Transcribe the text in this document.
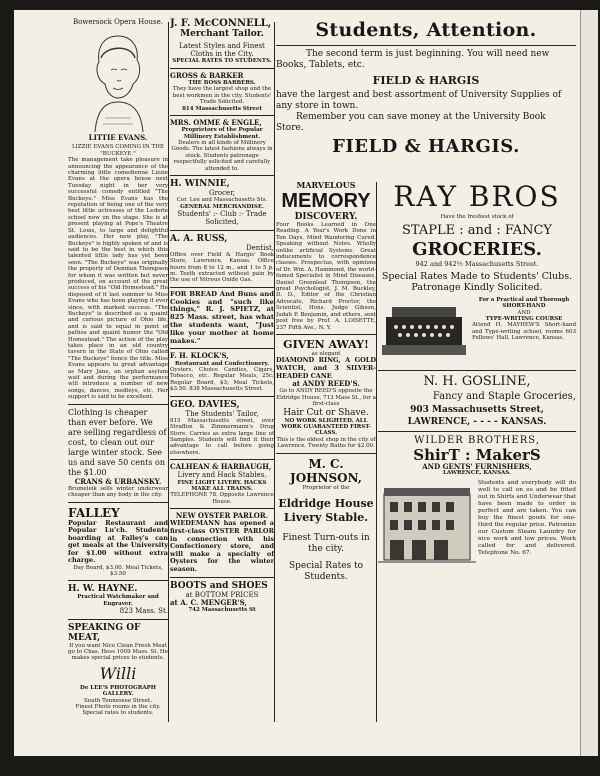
Bowersock Opera House.
LITTIE EVANS.
LIZZIE EVANS COMING IN THE "BUCKEYE."
The management take pleasure in announcing the appearance of the charming little comedienne Lizzie Evans at the opera house next Tuesday night in her very successful comedy entitled "The Buckeye." Miss Evans has the reputation of being one of the very best little actresses of the Lederle school now on the stage. She is at present playing at Pope's Theatre St. Louis, to large and delightful audiences. Her new play, "The Buckeye" is highly spoken of and is said to be the best in which this talented little lady has yet been seen. "The Buckeye" was originally the property of Denman Thompson for whom it was written but never produced, on account of the great success of his "Old Homestead." He disposed of it last summer to Miss Evans who has been playing it ever since, with marked success. "The Buckeye" is described as a quaint and curious picture of Ohio life, and is said to equal in point of pathos and quaint humor the "Old Homestead." The action of the play takes place in an old country tavern in the State of Ohio called "The Buckeye" hence the title. Miss Evans appears to great advantage as Mary Jane, an orphan asylum waif and during the performance will introduce a number of new songs, dances, medleys, etc. Her support is said to be excellent.
Clothing is cheaper than ever before. We are selling regardless of cost, to clean out our large winter stock. See us and save 50 cents on the $1.00
CRANS & URBANSKY.
Brumeleik sells winter underwear cheaper than any body in the city.
FALLEY
Popular Restaurant and Popular Lu'ch. Students boarding at Falley's can get meals at the University for $1.00 without extra charge.
Day Board, $3.00. Meal Tickets, $3.50
H. W. HAYNE.
Practical Watchmaker and Engraver.
823 Mass. St.
SPEAKING OF MEAT,
If you want Nice Clean Fresh Meat go to Chas. Hess 1009 Mass. St. He makes special prices to students.
Willi
De LEE'S PHOTOGRAPH GALLERY.
South Tennessee Street.
Finest Photo rooms in the city. Special rates to students.
J. F. McCONNELL,
Merchant Tailor.
Latest Styles and Finest Cloths in the City.
SPECIAL RATES TO STUDENTS.
GROSS & BARKER
THE BOSS BARBERS.
They have the largest shop and the best workmen in the city. Students' Trade Solicited.
814 Massachusetts Street
MRS. OMME & ENGLE,
Proprietors of the Popular Millinery Establishment.
Dealers in all kinds of Millinery Goods. The latest fashions always in stock. Students patronage respectfully solicited and carefully attended to.
H. WINNIE,
Grocer,
Cor. Lee and Massachusetts Sts.
GENERAL MERCHANDISE.
Students' :- Club :- Trade Solicited,
A. A. RUSS,
Dentist,
Office over Field & Hargis' Book Store, Lawrence, Kansas. Office hours from 8 to 12 m., and 1 to 5 p. m. Teeth extracted without pain by the use of Nitrous Oxide Gas.
FOR BREAD And Buns and Cookies and "such like things," R. J. SPIETZ, at 825 Mass. street, has what the students want, "Just like your mother at home makes."
F. H. KLOCK'S,
Restaurant and Confectionery.
Oysters, Choice Candies, Cigars, Tobacco, etc. Regular Meals, 25c; Regular Board, $3; Meal Tickets, $3.50. 838 Massachusetts Street.
GEO. DAVIES,
The Students' Tailor,
815 Massachusetts street, over Straffon & Zimmermann's Drug Store. Carries as extra large line of Samples. Students will find it their advantage to call before going elsewhere.
CALHEAN & HARBAUGH,
Livery and Hack Stables.
FINE LIGHT LIVERY. HACKS MAKE ALL TRAINS.
TELEPHONE 78. Opposite Lawrence House.
NEW OYSTER PARLOR.
WIEDEMANN has opened a first-class OYSTER PARLOR in connection with his Confectionery store, and will make a specialty of Oysters for the winter season.
BOOTS and SHOES
at BOTTOM PRICES
at A. C. MENGER'S,
742 Massachusetts St
Students, Attention.
The second term is just beginning. You will need new Books, Tablets, etc.
FIELD & HARGIS
have the largest and best assortment of University Supplies of any store in town.
Remember you can save money at the University Book Store.
FIELD & HARGIS.
MARVELOUS
MEMORY
DISCOVERY.
Four Books Learned in One Reading. A Year's Work Done in Ten Days. Mind Wandering Cured. Speaking without Notes. Wholly unlike artificial Systems. Great inducements to correspondence classes. Prospectus, with opinions of Dr. Wm. A. Hammond, the world-famed Specialist in Mind Diseases, Daniel Greenleaf Thompson, the great Psychologist, J. M. Buckley, D. D., Editor of the Christian Advocate, Richard Proctor, the Scientist, Hons. Judge Gibson, Judah P. Benjamin, and others, sent post free by Prof. A. LOISETTE, 237 Fifth Ave., N. Y.
GIVEN AWAY!
as elegant
DIAMOND RING, A GOLD WATCH, and 3 SILVER-HEADED CANE
at ANDY REED'S.
Go to ANDY REED'S opposite the Eldridge House, 713 Mass St., for a first-class
Hair Cut or Shave.
NO WORK SLIGHTED. ALL WORK GUARANTEED FIRST-CLASS.
This is the oldest shop in the city of Lawrence. Twenty Baths for $2.00.
M. C. JOHNSON,
Proprietor of the
Eldridge House Livery Stable.
Finest Turn-outs in the city.
Special Rates to Students.
RAY BROS
Have the freshest stock of
STAPLE : and : FANCY
GROCERIES.
942 and 942½ Massachusetts Street.
Special Rates Made to Students' Clubs. Patronage Kindly Solicited.
For a Practical and Thorough
SHORT-HAND
AND
TYPE-WRITING COURSE
Attend H. MAYHEW'S Short-hand and Type-writing school, rooms 603 Fellows' Hall, Lawrence, Kansas.
N. H. GOSLINE,
Fancy and Staple Groceries,
903 Massachusetts Street,
LAWRENCE, - - - - KANSAS.
WILDER BROTHERS,
ShirT : MakerS
AND GENTS' FURNISHERS,
LAWRENCE, KANSAS.
Students and everybody will do well to call on us and be fitted out in Shirts and Underwear that have been made to order in perfect and are taken. You can buy the finest goods for one-third the regular price. Patronize our Custom Steam Laundry for nice work and low prices. Work called for and delivered. Telephone No. 67.
